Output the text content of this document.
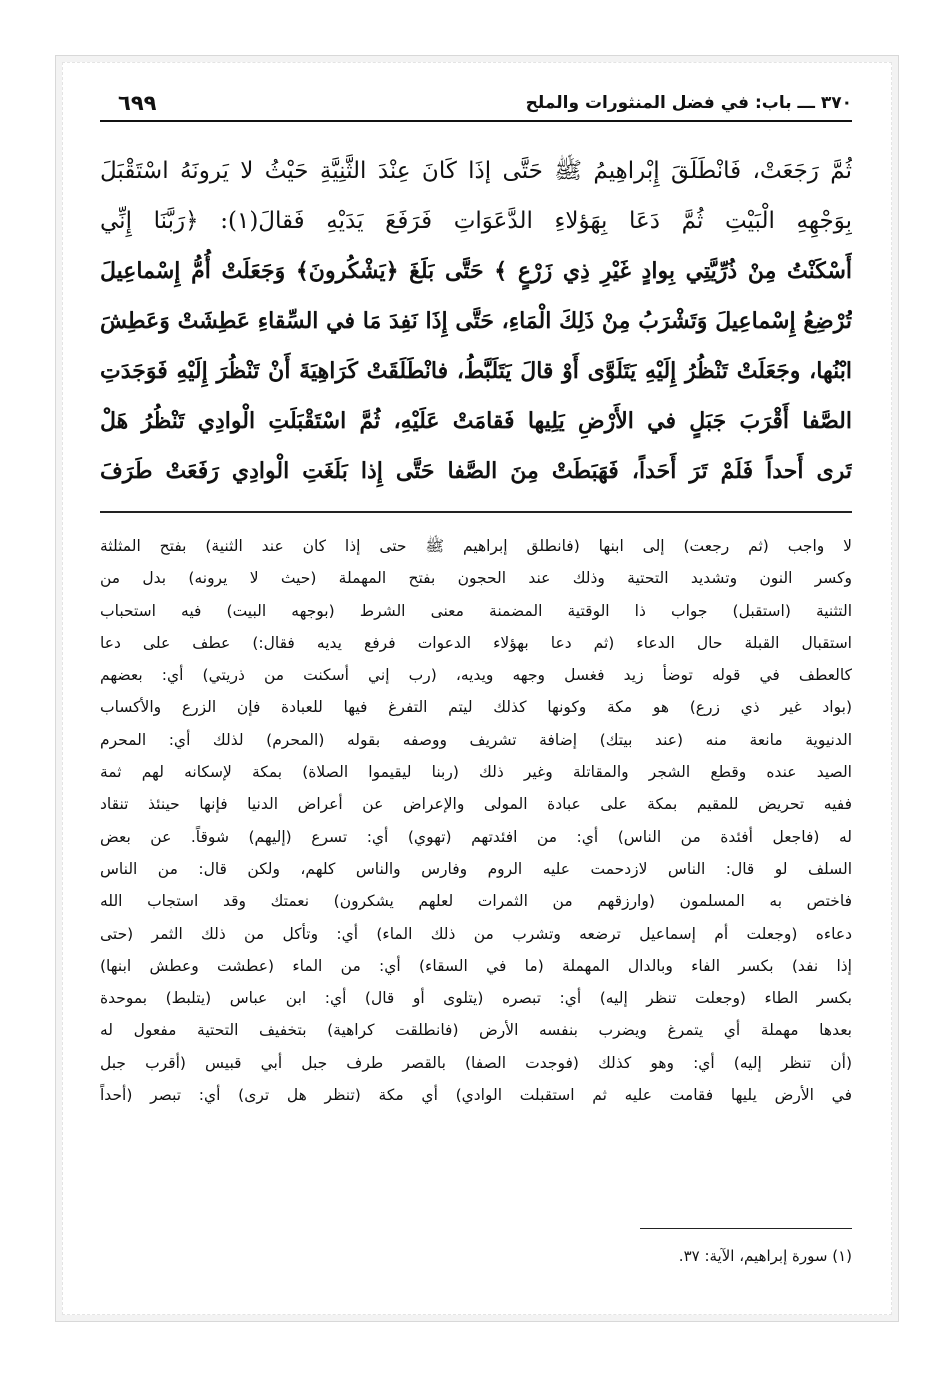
٣٧٠ ـــ باب: في فضل المنثورات والملح
٦٩٩
ثُمَّ رَجَعَتْ، فَانْطَلَقَ إِبْراهِيمُ ﷺ حَتَّى إذَا كَانَ عِنْدَ الثَّنِيَّةِ حَيْثُ لا يَرونَهُ اسْتَقْبَلَ
بِوَجْهِهِ الْبَيْتِ ثُمَّ دَعَا بِهَؤلاءِ الدَّعَوَاتِ فَرَفَعَ يَدَيْهِ فَقالَ(١): ﴿رَبَّنَا إِنِّي
أَسْكَنْتُ مِنْ ذُرِّيَّتِي بِوادٍ غَيْرِ ذِي زَرْعٍ ﴾ حَتَّى بَلَغَ ﴿يَشْكُرونَ﴾ وَجَعَلَتْ أُمُّ إِسْماعِيلَ
تُرْضِعُ إِسْماعِيلَ وَتَشْرَبُ مِنْ ذَلِكَ الْمَاءِ، حَتَّى إِذَا نَفِدَ مَا في السِّقاءِ عَطِشَتْ وَعَطِشَ
ابْنُها، وجَعَلَتْ تَنْظُرُ إِلَيْهِ يَتَلَوَّى أَوْ قالَ يَتَلَبَّطُ، فانْطَلَقَتْ كَرَاهِيَةَ أَنْ تَنْظُرَ إِلَيْهِ فَوَجَدَتِ
الصَّفا أَقْرَبَ جَبَلٍ في الأَرْضِ يَلِيها فَقامَتْ عَلَيْهِ، ثُمَّ اسْتَقْبَلَتِ الْوادِي تَنْظُرُ هَلْ
تَرى أَحداً فَلَمْ تَرَ أَحَداً، فَهَبَطَتْ مِنَ الصَّفا حَتَّى إِذا بَلَغَتِ الْوادِي رَفَعَتْ طَرَفَ
لا واجب (ثم رجعت) إلى ابنها (فانطلق إبراهيم ﷺ حتى إذا كان عند الثنية) بفتح المثلثة
وكسر النون وتشديد التحتية وذلك عند الحجون بفتح المهملة (حيث لا يرونه) بدل من
التثنية (استقبل) جواب ذا الوقتية المضمنة معنى الشرط (بوجهه البيت) فيه استحباب
استقبال القبلة حال الدعاء (ثم دعا بهؤلاء الدعوات فرفع يديه فقال:) عطف على دعا
كالعطف في قوله توضأ زيد فغسل وجهه ويديه، (رب إني أسكنت من ذريتي) أي: بعضهم
(بواد غير ذي زرع) هو مكة وكونها كذلك ليتم التفرغ فيها للعبادة فإن الزرع والأكساب
الدنيوية مانعة منه (عند بيتك) إضافة تشريف ووصفه بقوله (المحرم) لذلك أي: المحرم
الصيد عنده وقطع الشجر والمقاتلة وغير ذلك (ربنا ليقيموا الصلاة) بمكة لإسكانه لهم ثمة
ففيه تحريض للمقيم بمكة على عبادة المولى والإعراض عن أعراض الدنيا فإنها حينئذ تنقاد
له (فاجعل أفئدة من الناس) أي: من افئدتهم (تهوي) أي: تسرع (إليهم) شوقاً. عن بعض
السلف لو قال: الناس لازدحمت عليه الروم وفارس والناس كلهم، ولكن قال: من الناس
فاختص به المسلمون (وارزقهم من الثمرات لعلهم يشكرون) نعمتك وقد استجاب الله
دعاءه (وجعلت أم إسماعيل ترضعه وتشرب من ذلك الماء) أي: وتأكل من ذلك الثمر (حتى
إذا نفد) بكسر الفاء وبالدال المهملة (ما في السقاء) أي: من الماء (عطشت وعطش ابنها)
بكسر الطاء (وجعلت تنظر إليه) أي: تبصره (يتلوى أو قال) أي: ابن عباس (يتلبط) بموحدة
بعدها مهملة أي يتمرغ ويضرب بنفسه الأرض (فانطلقت كراهية) بتخفيف التحتية مفعول له
(أن تنظر إليه) أي: وهو كذلك (فوجدت الصفا) بالقصر طرف جبل أبي قبيس (أقرب جبل
في الأرض يليها فقامت عليه ثم استقبلت الوادي) أي مكة (تنظر هل ترى) أي: تبصر (أحداً
(١) سورة إبراهيم، الآية: ٣٧.
